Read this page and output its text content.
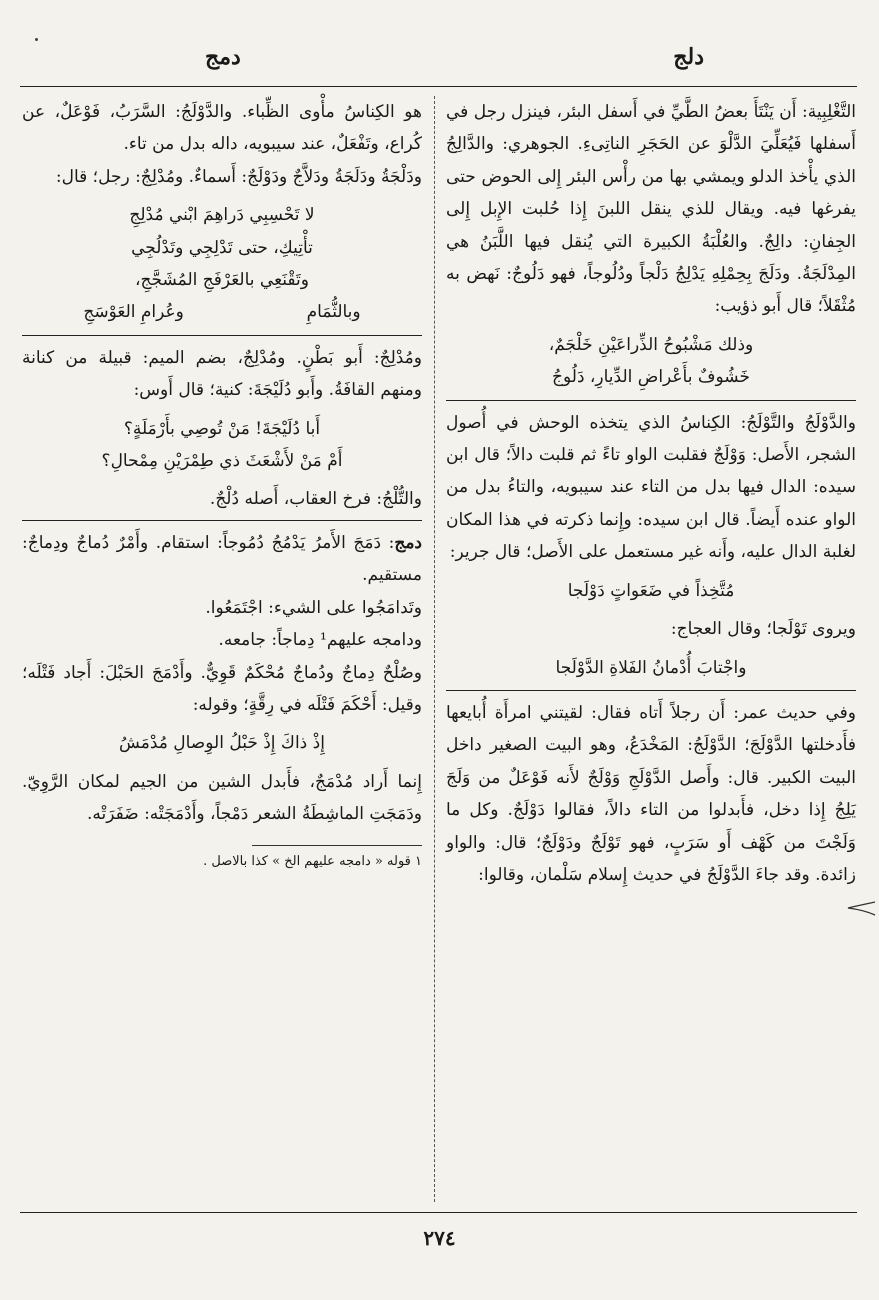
دلج
دمج

التَّغْلِبِية: أَن يَنْتَأَ بعضُ الطَّيِّ في أَسفل البئر، فينزل رجل في أَسفلها فَيُعَلِّيَ الدَّلْوَ عن الحَجَرِ الناتِىءِ. الجوهري: والدَّالِجُ الذي يأْخذ الدلو ويمشي بها من رأْس البئر إِلى الحوض حتى يفرغها فيه. ويقال للذي ينقل اللبنَ إِذا حُلبت الإِبل إِلى الجِفانِ: دالِجٌ. والعُلْبَةُ الكبيرة التي يُنقل فيها اللَّبَنُ هي المِدْلَجَةُ. ودَلَجَ بِحِمْلِهِ يَدْلِجُ دَلْجاً ودُلُوجاً، فهو دَلُوجٌ: نَهض به مُثْقَلاً؛ قال أَبو ذؤيب:

وذلك مَشْبُوحُ الذِّراعَيْنِ خَلْجَمٌ،
خَشُوفٌ بأَعْراضِ الدِّيارِ، دَلُوجُ

والدَّوْلَجُ والتَّوْلَجُ: الكِناسُ الذي يتخذه الوحش في أُصول الشجر، الأَصل: وَوْلَجٌ فقلبت الواو تاءً ثم قلبت دالاً؛ قال ابن سيده: الدال فيها بدل من التاء عند سيبويه، والتاءُ بدل من الواو عنده أَيضاً. قال ابن سيده: وإِنما ذكرته في هذا المكان لغلبة الدال عليه، وأَنه غير مستعمل على الأَصل؛ قال جرير:

مُتَّخِذاً في ضَعَواتٍ دَوْلَجا

ويروى تَوْلَجا؛ وقال العجاج:

واجْتابَ أُدْمانُ الفَلاةِ الدَّوْلَجا

وفي حديث عمر: أَن رجلاً أَتاه فقال: لقيتني امرأَة أُبايعها فأَدخلتها الدَّوْلَجَ؛ الدَّوْلَجُ: المَخْدَعُ، وهو البيت الصغير داخل البيت الكبير. قال: وأَصل الدَّوْلَجِ وَوْلَجٌ لأَنه فَوْعَلٌ من وَلَجَ يَلِجُ إِذا دخل، فأَبدلوا من التاء دالاً، فقالوا دَوْلَجٌ. وكل ما وَلَجْتَ من كَهْف أَو سَرَبٍ، فهو تَوْلَجٌ ودَوْلَجٌ؛ قال: والواو زائدة. وقد جاءَ الدَّوْلَجُ في حديث إِسلام سَلْمان، وقالوا:

هو الكِناسُ مأْوى الظِّباء. والدَّوْلَجُ: السَّرَبُ، فَوْعَلٌ، عن كُراع، وتَفْعَلٌ، عند سيبويه، داله بدل من تاء.

ودَلْجَةُ ودَلَجَةُ ودَلاَّجٌ ودَوْلَجٌ: أَسماءٌ. ومُدْلِجٌ: رجل؛ قال:

لا تَحْسِبِي دَراهِمَ ابْني مُدْلِجِ
تأْتِيكِ، حتى تَدْلِجِي وتَدْلُجِي
وتَقْنَعِي بالعَرْفَجِ المُشَجَّجِ،
وبالثُّمَامِ
وعُرامِ العَوْسَجِ

ومُدْلِجٌ: أَبو بَطْنٍ. ومُدْلِجٌ، بضم الميم: قبيلة من كنانة ومنهم القافَةُ. وأَبو دُلَيْجَةَ: كنية؛ قال أَوس:

أَبا دُلَيْجَةَ! مَنْ تُوصِي بأَرْمَلَةٍ؟
أَمْ مَنْ لأَشْعَثَ ذي طِمْرَيْنِ مِمْحالِ؟

والتُّلْجُ: فرخ العقاب، أَصله دُلْجٌ.

دمج: دَمَجَ الأَمرُ يَدْمُجُ دُمُوجاً: استقام. وأَمْرٌ دُماجٌ ودِماجٌ: مستقيم.

وتَدامَجُوا على الشيء: اجْتَمَعُوا.

ودامجه عليهم¹ دِماجاً: جامعه.

وصُلْحٌ دِماجٌ ودُماجٌ مُحْكَمٌ قَوِيٌّ. وأَدْمَجَ الحَبْلَ: أَجاد فَتْلَه؛ وقيل: أَحْكَمَ فَتْلَه في رِقَّةٍ؛ وقوله:

إِذْ ذاكَ إِذْ حَبْلُ الوِصالِ مُدْمَشُ

إِنما أَراد مُدْمَجٌ، فأَبدل الشين من الجيم لمكان الرَّوِيّ. ودَمَجَتِ الماشِطَةُ الشعر دَمْجاً، وأَدْمَجَتْه: ضَفَرَتْه.

١ قوله « دامجه عليهم الخ » كذا بالاصل .
٢٧٤
